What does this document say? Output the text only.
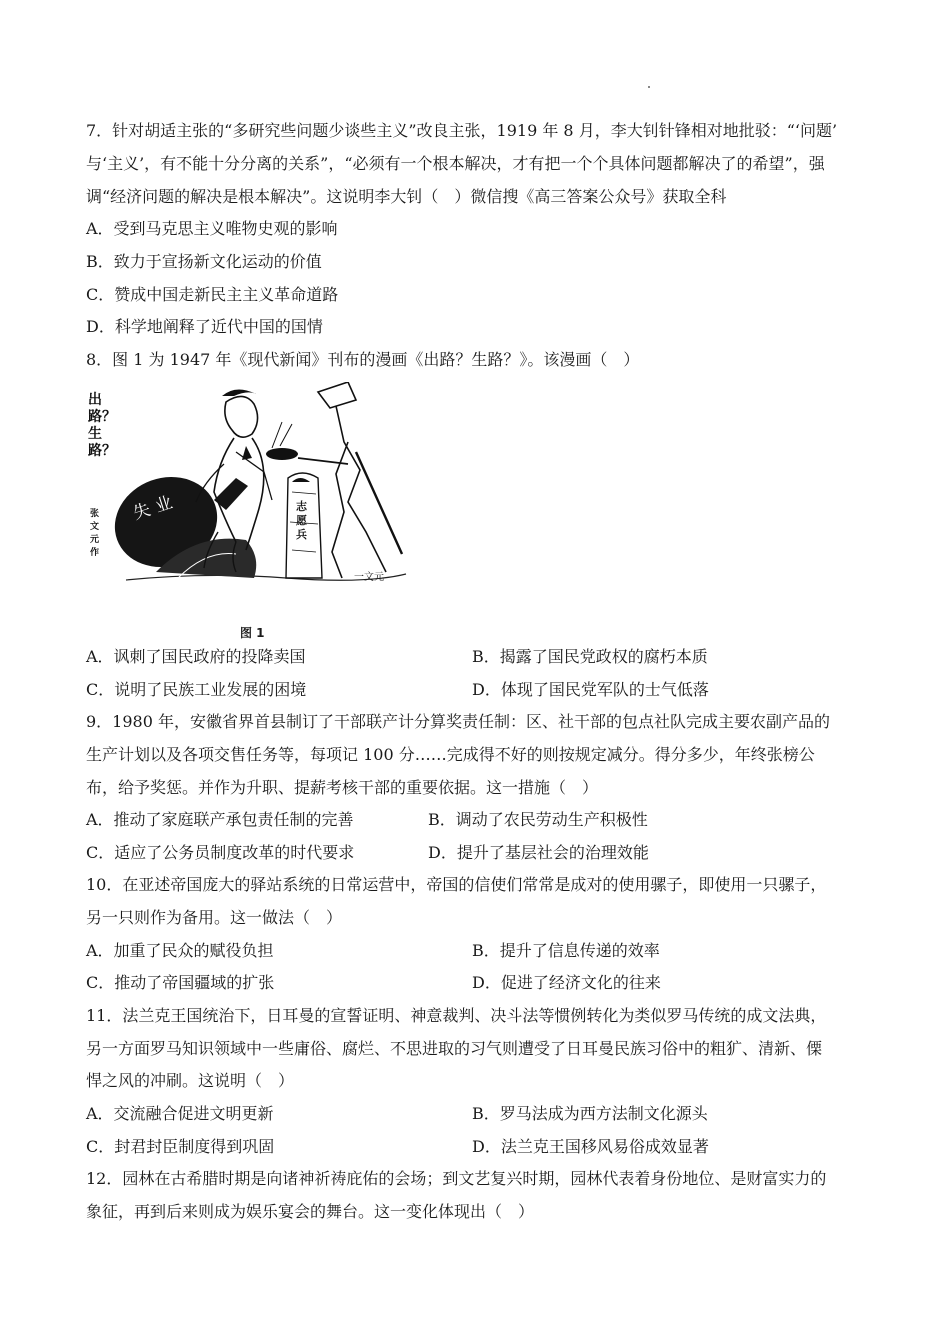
7．针对胡适主张的“多研究些问题少谈些主义”改良主张，1919 年 8 月，李大钊针锋相对地批驳：“‘问题’
与‘主义’，有不能十分分离的关系”，“必须有一个根本解决，才有把一个个具体问题都解决了的希望”，强
调“经济问题的解决是根本解决”。这说明李大钊（　）微信搜《高三答案公众号》获取全科
A．受到马克思主义唯物史观的影响
B．致力于宣扬新文化运动的价值
C．赞成中国走新民主主义革命道路
D．科学地阐释了近代中国的国情
8．图 1 为 1947 年《现代新闻》刊布的漫画《出路？生路？》。该漫画（　）
出路？生路？
张文元作
失业	志愿兵
一文元
图 1
A．讽刺了国民政府的投降卖国	B．揭露了国民党政权的腐朽本质
C．说明了民族工业发展的困境	D．体现了国民党军队的士气低落
9．1980 年，安徽省界首县制订了干部联产计分算奖责任制：区、社干部的包点社队完成主要农副产品的
生产计划以及各项交售任务等，每项记 100 分……完成得不好的则按规定减分。得分多少，年终张榜公
布，给予奖惩。并作为升职、提薪考核干部的重要依据。这一措施（　）
A．推动了家庭联产承包责任制的完善	B．调动了农民劳动生产积极性
C．适应了公务员制度改革的时代要求	D．提升了基层社会的治理效能
10．在亚述帝国庞大的驿站系统的日常运营中，帝国的信使们常常是成对的使用骡子，即使用一只骡子，
另一只则作为备用。这一做法（　）
A．加重了民众的赋役负担	B．提升了信息传递的效率
C．推动了帝国疆域的扩张	D．促进了经济文化的往来
11．法兰克王国统治下，日耳曼的宣誓证明、神意裁判、决斗法等惯例转化为类似罗马传统的成文法典，
另一方面罗马知识领域中一些庸俗、腐烂、不思进取的习气则遭受了日耳曼民族习俗中的粗犷、清新、傈
悍之风的冲刷。这说明（　）
A．交流融合促进文明更新	B．罗马法成为西方法制文化源头
C．封君封臣制度得到巩固	D．法兰克王国移风易俗成效显著
12．园林在古希腊时期是向诸神祈祷庇佑的会场；到文艺复兴时期，园林代表着身份地位、是财富实力的
象征，再到后来则成为娱乐宴会的舞台。这一变化体现出（　）
